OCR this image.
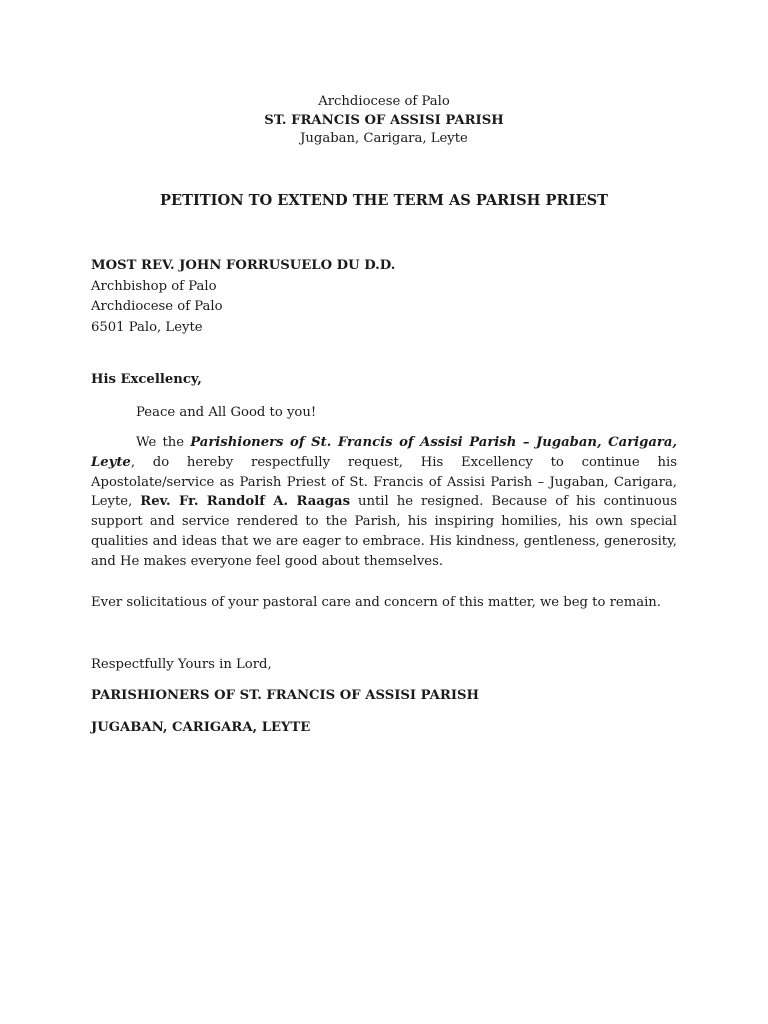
Archdiocese of Palo
ST. FRANCIS OF ASSISI PARISH
Jugaban, Carigara, Leyte
PETITION TO EXTEND THE TERM AS PARISH PRIEST
MOST REV. JOHN FORRUSUELO DU D.D.
Archbishop of Palo
Archdiocese of Palo
6501 Palo, Leyte
His Excellency,
Peace and All Good to you!
We the Parishioners of St. Francis of Assisi Parish – Jugaban, Carigara, Leyte, do hereby respectfully request, His Excellency to continue his Apostolate/service as Parish Priest of St. Francis of Assisi Parish – Jugaban, Carigara, Leyte, Rev. Fr. Randolf A. Raagas until he resigned. Because of his continuous support and service rendered to the Parish, his inspiring homilies, his own special qualities and ideas that we are eager to embrace. His kindness, gentleness, generosity, and He makes everyone feel good about themselves.
Ever solicitatious of your pastoral care and concern of this matter, we beg to remain.
Respectfully Yours in Lord,
PARISHIONERS OF ST. FRANCIS OF ASSISI PARISH
JUGABAN, CARIGARA, LEYTE
